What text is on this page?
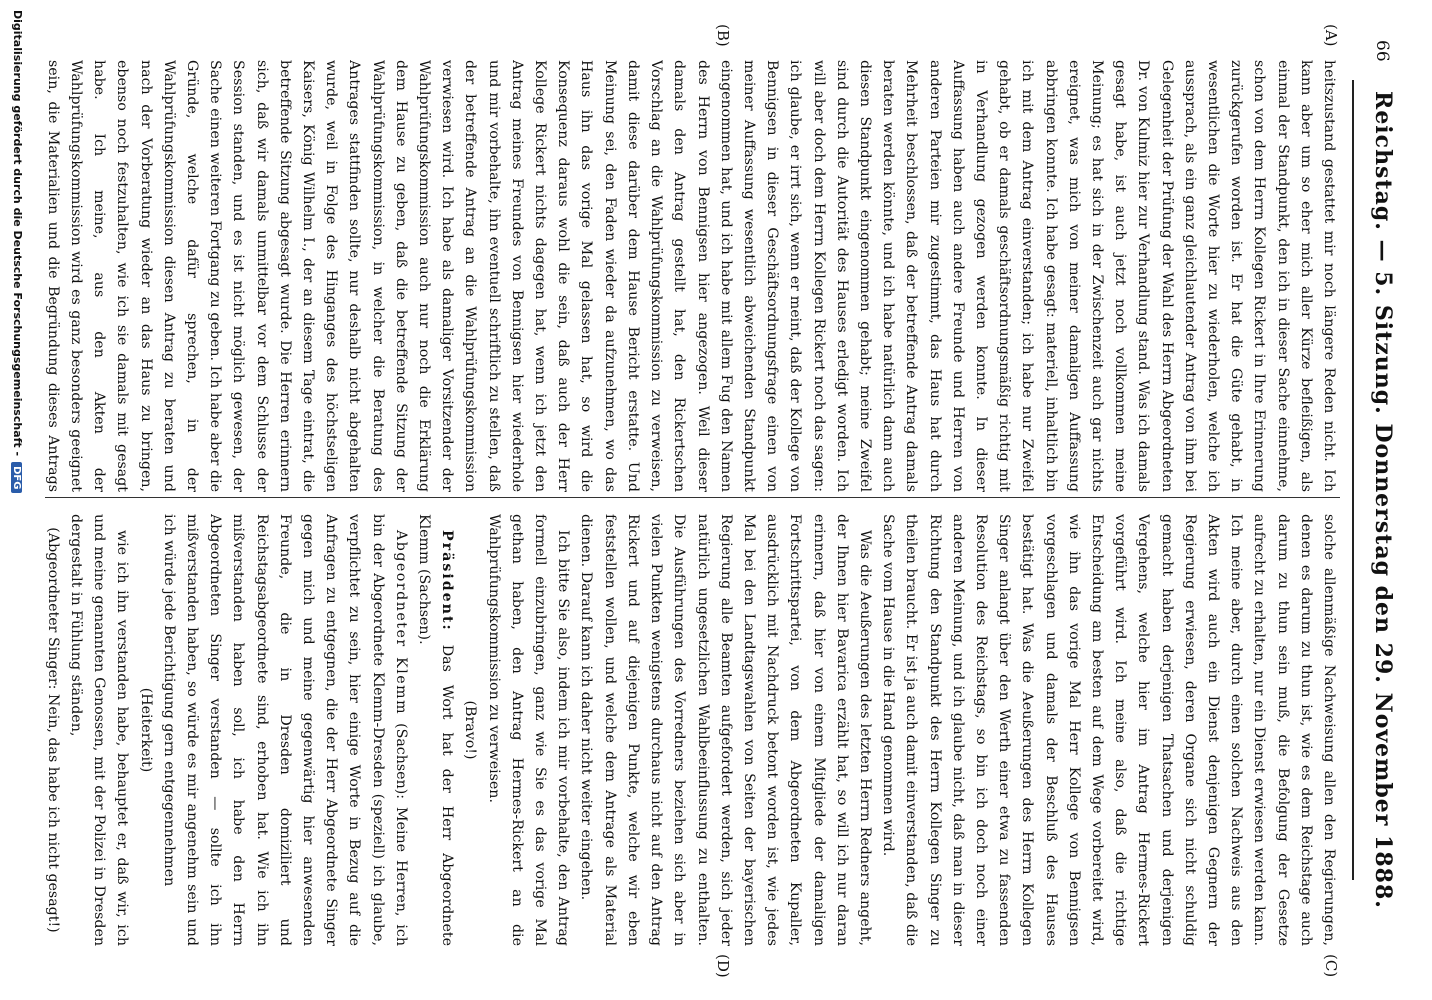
66
Reichstag. — 5. Sitzung. Donnerstag den 29. November 1888.
(A)
(B)
(C)
(D)

heitszustand gestattet mir noch längere Reden nicht. Ich kann aber um so eher mich aller Kürze befleißigen, als einmal der Standpunkt, den ich in dieser Sache einnehme, schon von dem Herrn Kollegen Rickert in Ihre Erinnerung zurückgerufen worden ist. Er hat die Güte gehabt, in wesentlichen die Worte hier zu wiederholen, welche ich aussprach, als ein ganz gleichlautender Antrag von ihm bei Gelegenheit der Prüfung der Wahl des Herrn Abgeordneten Dr. von Kulmiz hier zur Verhandlung stand. Was ich damals gesagt habe, ist auch jetzt noch vollkommen meine Meinung; es hat sich in der Zwischenzeit auch gar nichts ereignet, was mich von meiner damaligen Auffassung abbringen konnte. Ich habe gesagt: materiell, inhaltlich bin ich mit dem Antrag einverstanden; ich habe nur Zweifel gehabt, ob er damals geschäftsordnungsmäßig richtig mit in Verhandlung gezogen werden konnte. In dieser Auffassung haben auch andere Freunde und Herren von anderen Parteien mir zugestimmt, das Haus hat durch Mehrheit beschlossen, daß der betreffende Antrag damals beraten werden könnte, und ich habe natürlich dann auch diesen Standpunkt eingenommen gehabt; meine Zweifel sind durch die Autorität des Hauses erledigt worden. Ich will aber doch dem Herrn Kollegen Rickert noch das sagen: ich glaube, er irrt sich, wenn er meint, daß der Kollege von Bennigsen in dieser Geschäftsordnungsfrage einen von meiner Auffassung wesentlich abweichenden Standpunkt eingenommen hat, und ich habe mit allem Fug den Namen des Herrn von Bennigsen hier angezogen. Weil dieser damals den Antrag gestellt hat, den Rickertschen Vorschlag an die Wahlprüfungskommission zu verweisen, damit diese darüber dem Hause Bericht erstatte. Und Meinung sei, den Faden wieder da aufzunehmen, wo das Haus ihn das vorige Mal gelassen hat, so wird die Konsequenz daraus wohl die sein, daß auch der Herr Kollege Rickert nichts dagegen hat, wenn ich jetzt den Antrag meines Freundes von Bennigsen hier wiederhole und mir vorbehalte, ihn eventuell schriftlich zu stellen, daß der betreffende Antrag an die Wahlprüfungskommission verwiesen wird. Ich habe als damaliger Vorsitzender der Wahlprüfungskommission auch nur noch die Erklärung dem Hause zu geben, daß die betreffende Sitzung der Wahlprüfungskommission, in welcher die Beratung des Antrages stattfinden sollte, nur deshalb nicht abgehalten wurde, weil in Folge des Hinganges des höchstseligen Kaisers, König Wilhelm I., der an diesem Tage eintrat, die betreffende Sitzung abgesagt wurde. Die Herren erinnern sich, daß wir damals unmittelbar vor dem Schlusse der Session standen, und es ist nicht möglich gewesen, der Sache einen weiteren Fortgang zu geben. Ich habe aber die Gründe, welche dafür sprechen, in der Wahlprüfungskommission diesen Antrag zu beraten und nach der Vorberatung wieder an das Haus zu bringen, ebenso noch festzuhalten, wie ich sie damals mit gesagt habe. Ich meine, aus den Akten der Wahlprüfungskommission wird es ganz besonders geeignet sein, die Materialien und die Begründung dieses Antrags

solche allenmäßige Nachweisung allen den Regierungen, denen es darum zu thun ist, wie es dem Reichstage auch darum zu thun sein muß, die Befolgung der Gesetze aufrecht zu erhalten, nur ein Dienst erwiesen werden kann. Ich meine aber, durch einen solchen Nachweis aus den Akten wird auch ein Dienst denjenigen Gegnern der Regierung erwiesen, deren Organe sich nicht schuldig gemacht haben derjenigen Thatsachen und derjenigen Vergehens, welche hier im Antrag Hermes-Rickert vorgeführt wird. Ich meine also, daß die richtige Entscheidung am besten auf dem Wege vorbereitet wird, wie ihn das vorige Mal Herr Kollege von Bennigsen vorgeschlagen und damals der Beschluß des Hauses bestätigt hat. Was die Aeußerungen des Herrn Kollegen Singer anlangt über den Werth einer etwa zu fassenden Resolution des Reichstags, so bin ich doch noch einer anderen Meinung, und ich glaube nicht, daß man in dieser Richtung den Standpunkt des Herrn Kollegen Singer zu theilen braucht. Er ist ja auch damit einverstanden, daß die Sache vom Hause in die Hand genommen wird.

Was die Aeußerungen des letzten Herrn Redners angeht, der Ihnen hier Bavarica erzählt hat, so will ich nur daran erinnern, daß hier von einem Mitgliede der damaligen Fortschrittspartei, von dem Abgeordneten Kupaller, ausdrücklich mit Nachdruck betont worden ist, wie jedes Mal bei den Landtagswahlen von Seiten der bayerischen Regierung alle Beamten aufgefordert werden, sich jeder natürlich ungesetzlichen Wahlbeeinflussung zu enthalten. Die Ausführungen des Vorredners beziehen sich aber in vielen Punkten wenigstens durchaus nicht auf den Antrag Rickert und auf diejenigen Punkte, welche wir eben feststellen wollen, und welche dem Antrage als Material dienen. Darauf kann ich daher nicht weiter eingehen.

Ich bitte Sie also, indem ich mir vorbehalte, den Antrag formell einzubringen, ganz wie Sie es das vorige Mal gethan haben, den Antrag Hermes-Rickert an die Wahlprüfungskommission zu verweisen.

(Bravo!)

Präsident: Das Wort hat der Herr Abgeordnete Klemm (Sachsen).

Abgeordneter Klemm (Sachsen): Meine Herren, ich bin der Abgeordnete Klemm-Dresden (speziell) ich glaube, verpflichtet zu sein, hier einige Worte in Bezug auf die Anfragen zu entgegnen, die der Herr Abgeordnete Singer gegen mich und meine gegenwärtig hier anwesenden Freunde, die in Dresden domiziliert und Reichstagsabgeordnete sind, erhoben hat. Wie ich ihn mißverstanden haben soll, ich habe den Herrn Abgeordneten Singer verstanden — sollte ich ihn mißverstanden haben, so würde es mir angenehm sein und ich würde jede Berichtigung gern entgegennehmen

(Heiterkeit)

wie ich ihn verstanden habe, behauptet er, daß wir, ich und meine genannten Genossen, mit der Polizei in Dresden dergestalt in Fühlung ständen,

(Abgeordneter Singer: Nein, das habe ich nicht gesagt!)

Digitalisierung gefördert durch die Deutsche Forschungsgemeinschaft -DFG
